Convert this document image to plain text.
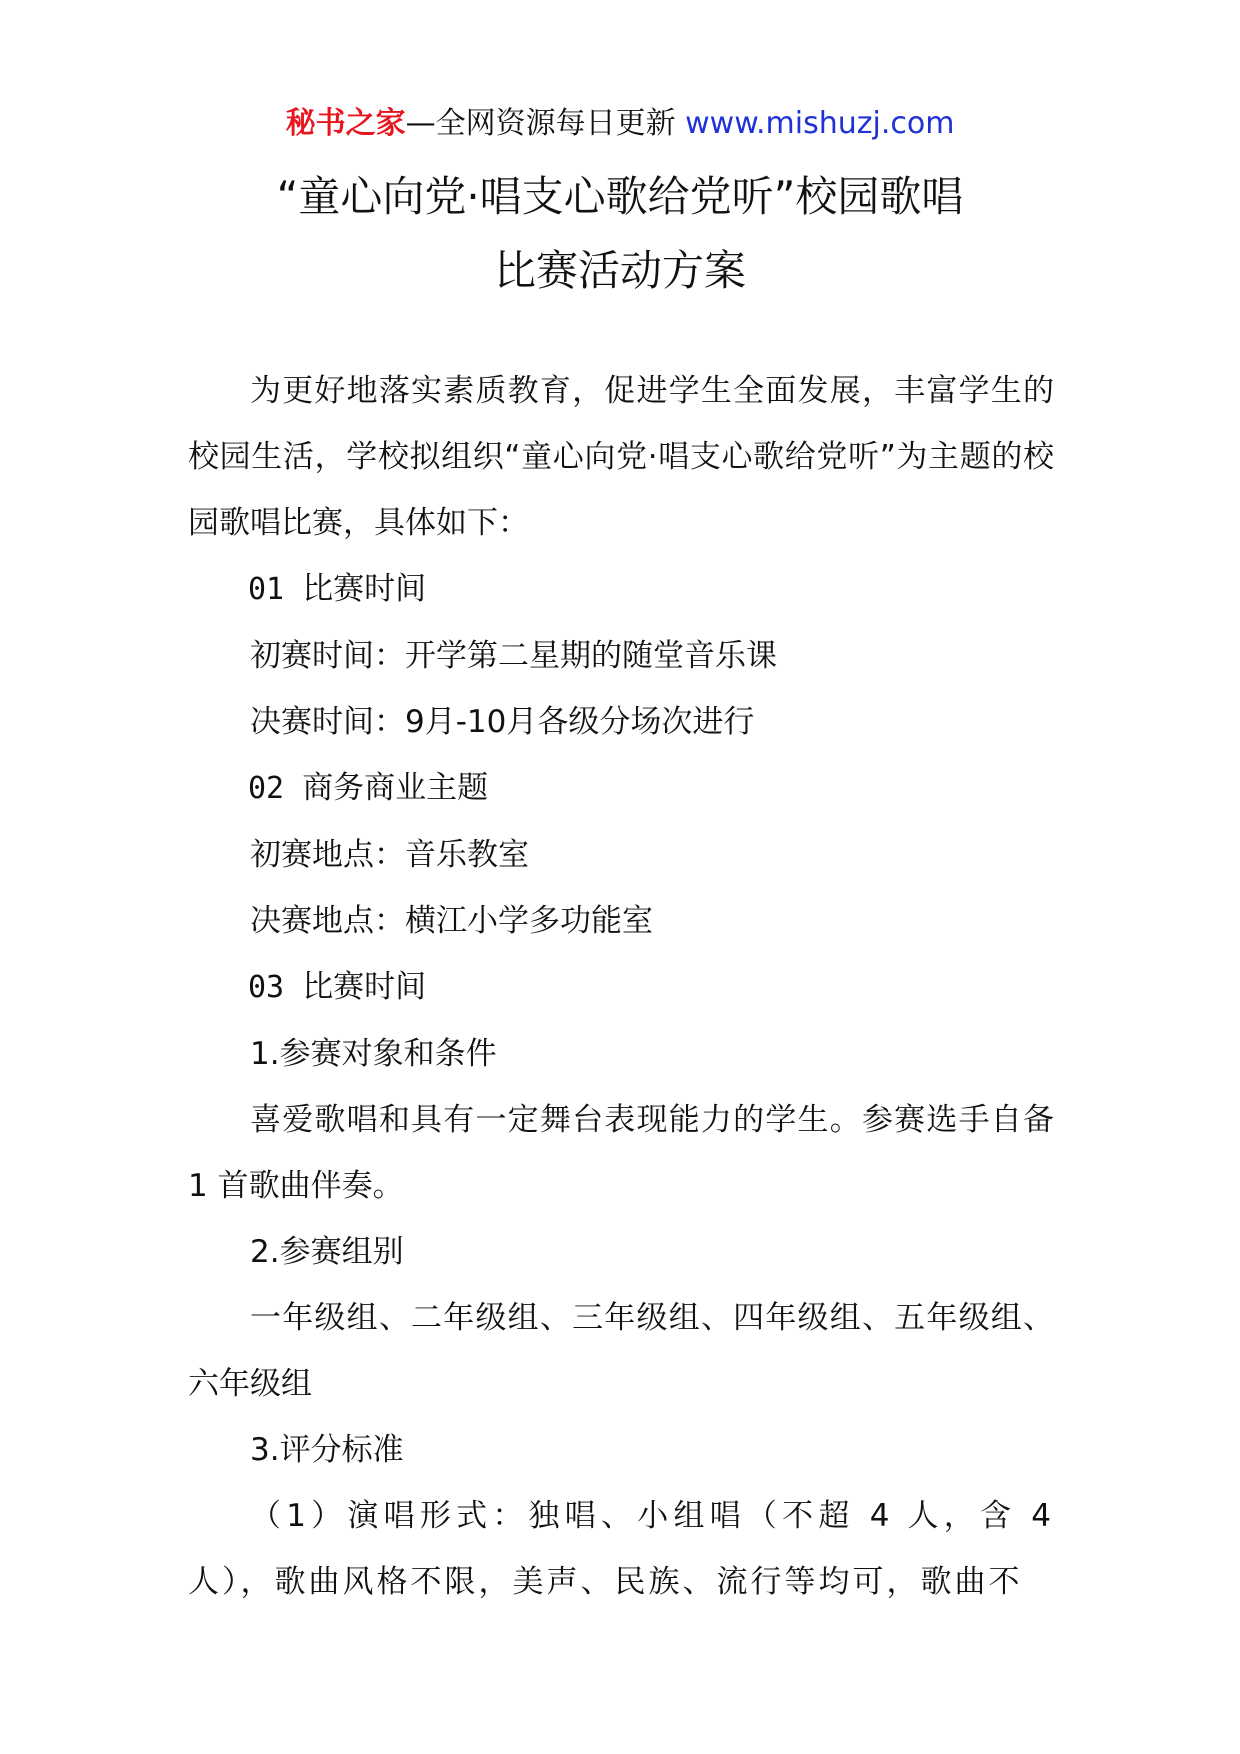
秘书之家—全网资源每日更新 www.mishuzj.com
“童心向党·唱支心歌给党听”校园歌唱
比赛活动方案

为更好地落实素质教育，促进学生全面发展，丰富学生的校园生活，学校拟组织“童心向党·唱支心歌给党听”为主题的校园歌唱比赛，具体如下：

01 比赛时间

初赛时间：开学第二星期的随堂音乐课

决赛时间：9月-10月各级分场次进行

02 商务商业主题

初赛地点：音乐教室

决赛地点：横江小学多功能室

03 比赛时间

1.参赛对象和条件

喜爱歌唱和具有一定舞台表现能力的学生。参赛选手自备 1 首歌曲伴奏。

2.参赛组别

一年级组、二年级组、三年级组、四年级组、五年级组、六年级组

3.评分标准

（1）演唱形式：独唱、小组唱（不超 4 人，含 4 人），歌曲风格不限，美声、民族、流行等均可，歌曲不
